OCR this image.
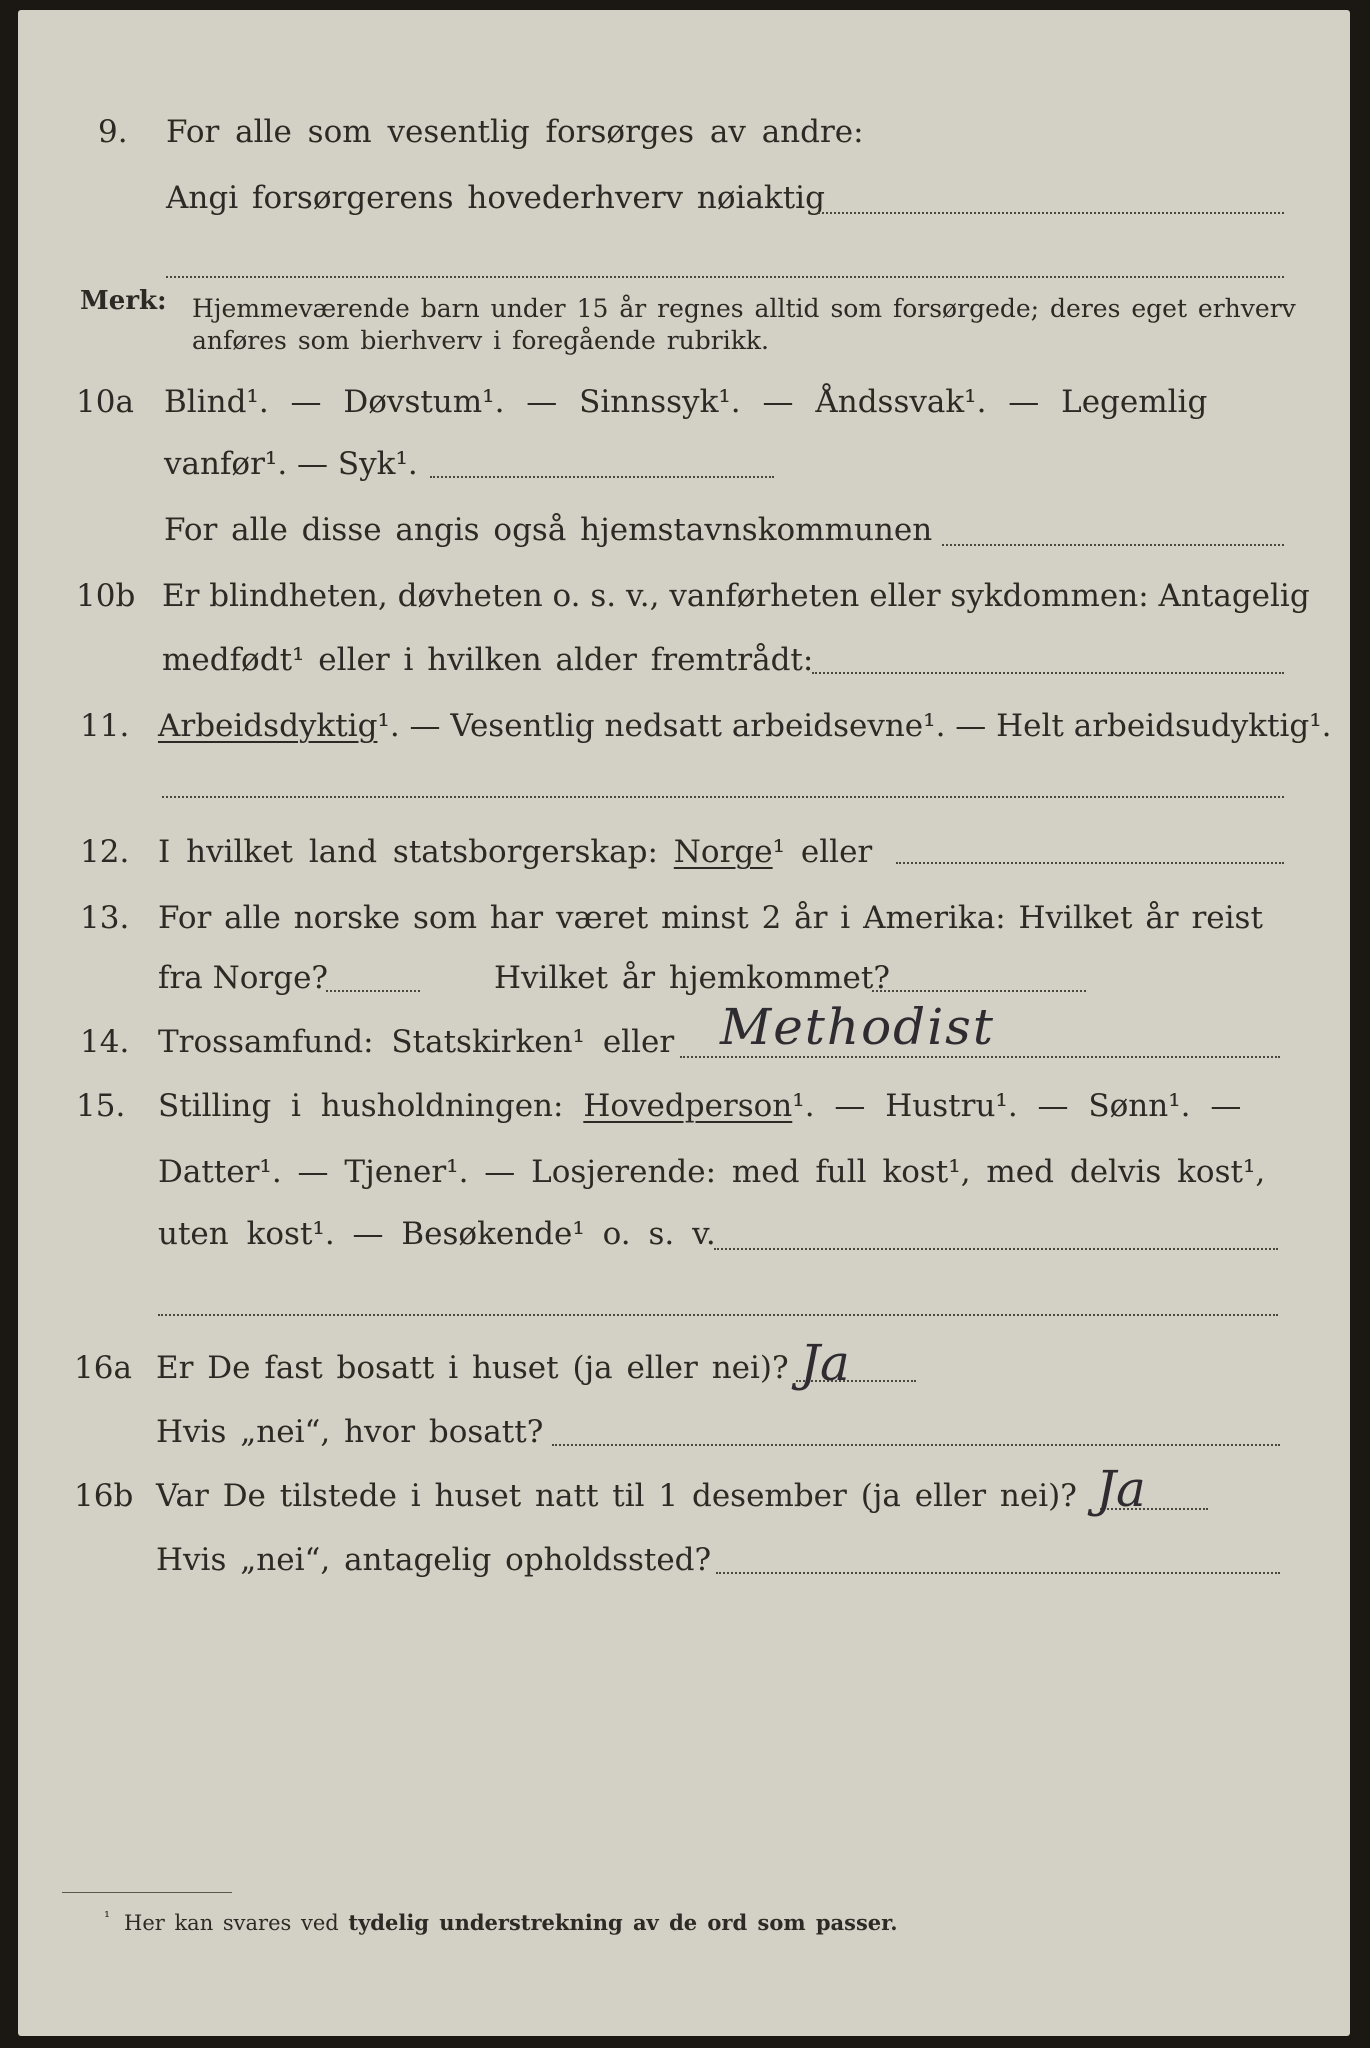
9. For alle som vesentlig forsørges av andre:
Angi forsørgerens hovederhverv nøiaktig
Merk: Hjemmeværende barn under 15 år regnes alltid som forsørgede; deres eget erhverv
anføres som bierhverv i foregående rubrikk.
10a Blind¹. — Døvstum¹. — Sinnssyk¹. — Åndssvak¹. — Legemlig
vanfør¹. — Syk¹.
For alle disse angis også hjemstavnskommunen
10b Er blindheten, døvheten o. s. v., vanførheten eller sykdommen: Antagelig
medfødt¹ eller i hvilken alder fremtrådt:
11. Arbeidsdyktig¹. — Vesentlig nedsatt arbeidsevne¹. — Helt arbeidsudyktig¹.
12. I hvilket land statsborgerskap: Norge¹ eller
13. For alle norske som har været minst 2 år i Amerika: Hvilket år reist
fra Norge?	Hvilket år hjemkommet?
14. Trossamfund: Statskirken¹ eller Methodist
15. Stilling i husholdningen: Hovedperson¹. — Hustru¹. — Sønn¹. —
Datter¹. — Tjener¹. — Losjerende: med full kost¹, med delvis kost¹,
uten kost¹. — Besøkende¹ o. s. v.
16a Er De fast bosatt i huset (ja eller nei)? Ja
Hvis „nei“, hvor bosatt?
16b Var De tilstede i huset natt til 1 desember (ja eller nei)? Ja
Hvis „nei“, antagelig opholdssted?
¹ Her kan svares ved tydelig understrekning av de ord som passer.
